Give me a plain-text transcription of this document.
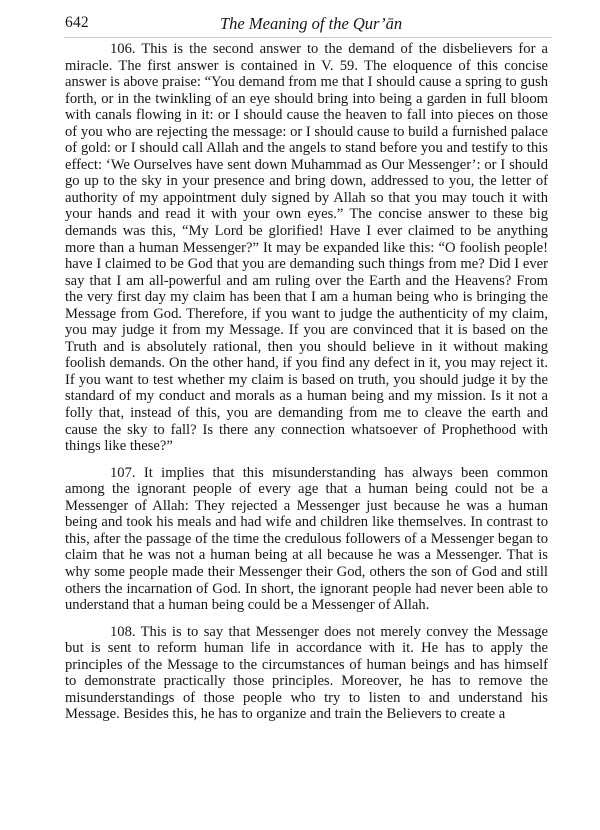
642	The Meaning of the Qur’ān

106. This is the second answer to the demand of the disbelievers for a miracle. The first answer is contained in V. 59. The eloquence of this concise answer is above praise: “You demand from me that I should cause a spring to gush forth, or in the twinkling of an eye should bring into being a garden in full bloom with canals flowing in it: or I should cause the heaven to fall into pieces on those of you who are rejecting the message: or I should cause to build a furnished palace of gold: or I should call Allah and the angels to stand before you and testify to this effect: ‘We Ourselves have sent down Muhammad as Our Messenger’: or I should go up to the sky in your presence and bring down, addressed to you, the letter of authority of my appointment duly signed by Allah so that you may touch it with your hands and read it with your own eyes.” The concise answer to these big demands was this, “My Lord be glorified! Have I ever claimed to be anything more than a human Messenger?” It may be expanded like this: “O foolish people! have I claimed to be God that you are demanding such things from me? Did I ever say that I am all-powerful and am ruling over the Earth and the Heavens? From the very first day my claim has been that I am a human being who is bringing the Message from God. Therefore, if you want to judge the authenticity of my claim, you may judge it from my Message. If you are convinced that it is based on the Truth and is absolutely rational, then you should believe in it without making foolish demands. On the other hand, if you find any defect in it, you may reject it. If you want to test whether my claim is based on truth, you should judge it by the standard of my conduct and morals as a human being and my mission. Is it not a folly that, instead of this, you are demanding from me to cleave the earth and cause the sky to fall? Is there any connection whatsoever of Prophethood with things like these?”

107. It implies that this misunderstanding has always been common among the ignorant people of every age that a human being could not be a Messenger of Allah: They rejected a Messenger just because he was a human being and took his meals and had wife and children like themselves. In contrast to this, after the passage of the time the credulous followers of a Messenger began to claim that he was not a human being at all because he was a Messenger. That is why some people made their Messenger their God, others the son of God and still others the incarnation of God. In short, the ignorant people had never been able to understand that a human being could be a Messenger of Allah.

108. This is to say that Messenger does not merely convey the Message but is sent to reform human life in accordance with it. He has to apply the principles of the Message to the circumstances of human beings and has himself to demonstrate practically those principles. Moreover, he has to remove the misunderstandings of those people who try to listen to and understand his Message. Besides this, he has to organize and train the Believers to create a
